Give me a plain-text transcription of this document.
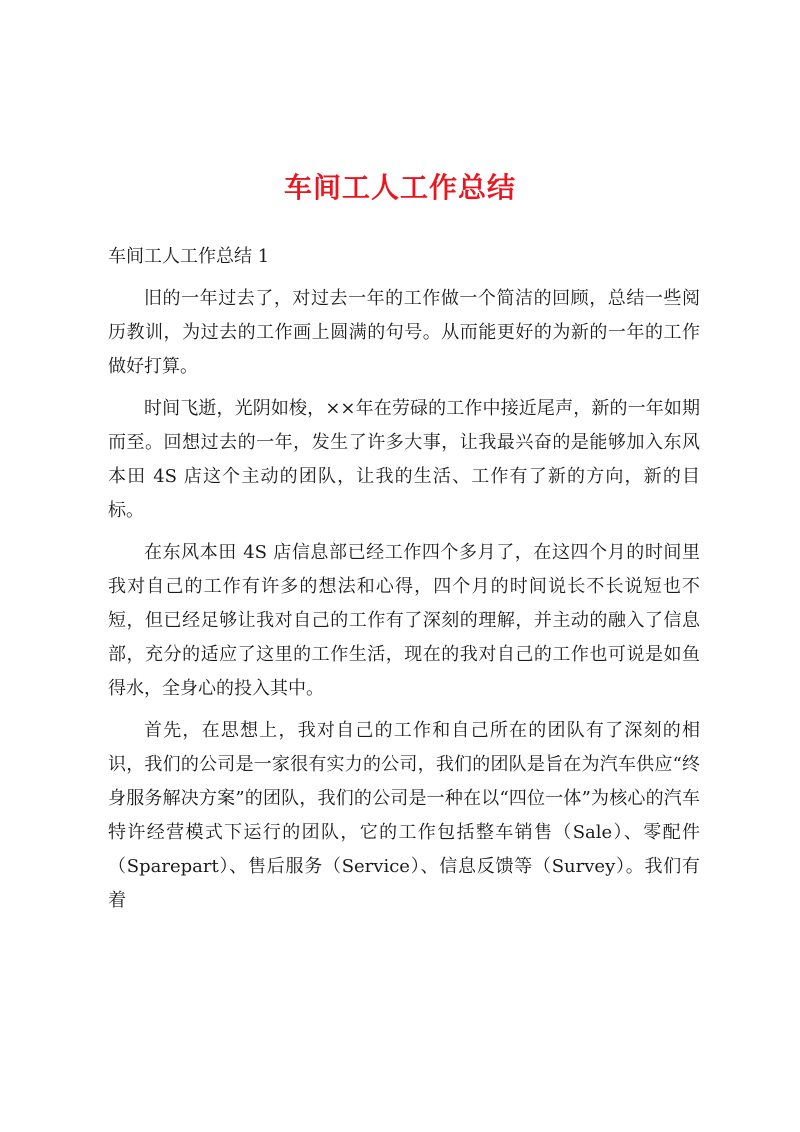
车间工人工作总结

车间工人工作总结 1

旧的一年过去了，对过去一年的工作做一个简洁的回顾，总结一些阅历教训，为过去的工作画上圆满的句号。从而能更好的为新的一年的工作做好打算。

时间飞逝，光阴如梭，××年在劳碌的工作中接近尾声，新的一年如期而至。回想过去的一年，发生了许多大事，让我最兴奋的是能够加入东风本田 4S 店这个主动的团队，让我的生活、工作有了新的方向，新的目标。

在东风本田 4S 店信息部已经工作四个多月了，在这四个月的时间里我对自己的工作有许多的想法和心得，四个月的时间说长不长说短也不短，但已经足够让我对自己的工作有了深刻的理解，并主动的融入了信息部，充分的适应了这里的工作生活，现在的我对自己的工作也可说是如鱼得水，全身心的投入其中。

首先，在思想上，我对自己的工作和自己所在的团队有了深刻的相识，我们的公司是一家很有实力的公司，我们的团队是旨在为汽车供应“终身服务解决方案”的团队，我们的公司是一种在以“四位一体”为核心的汽车特许经营模式下运行的团队，它的工作包括整车销售（Sale）、零配件（Sparepart）、售后服务（Service）、信息反馈等（Survey）。我们有着
